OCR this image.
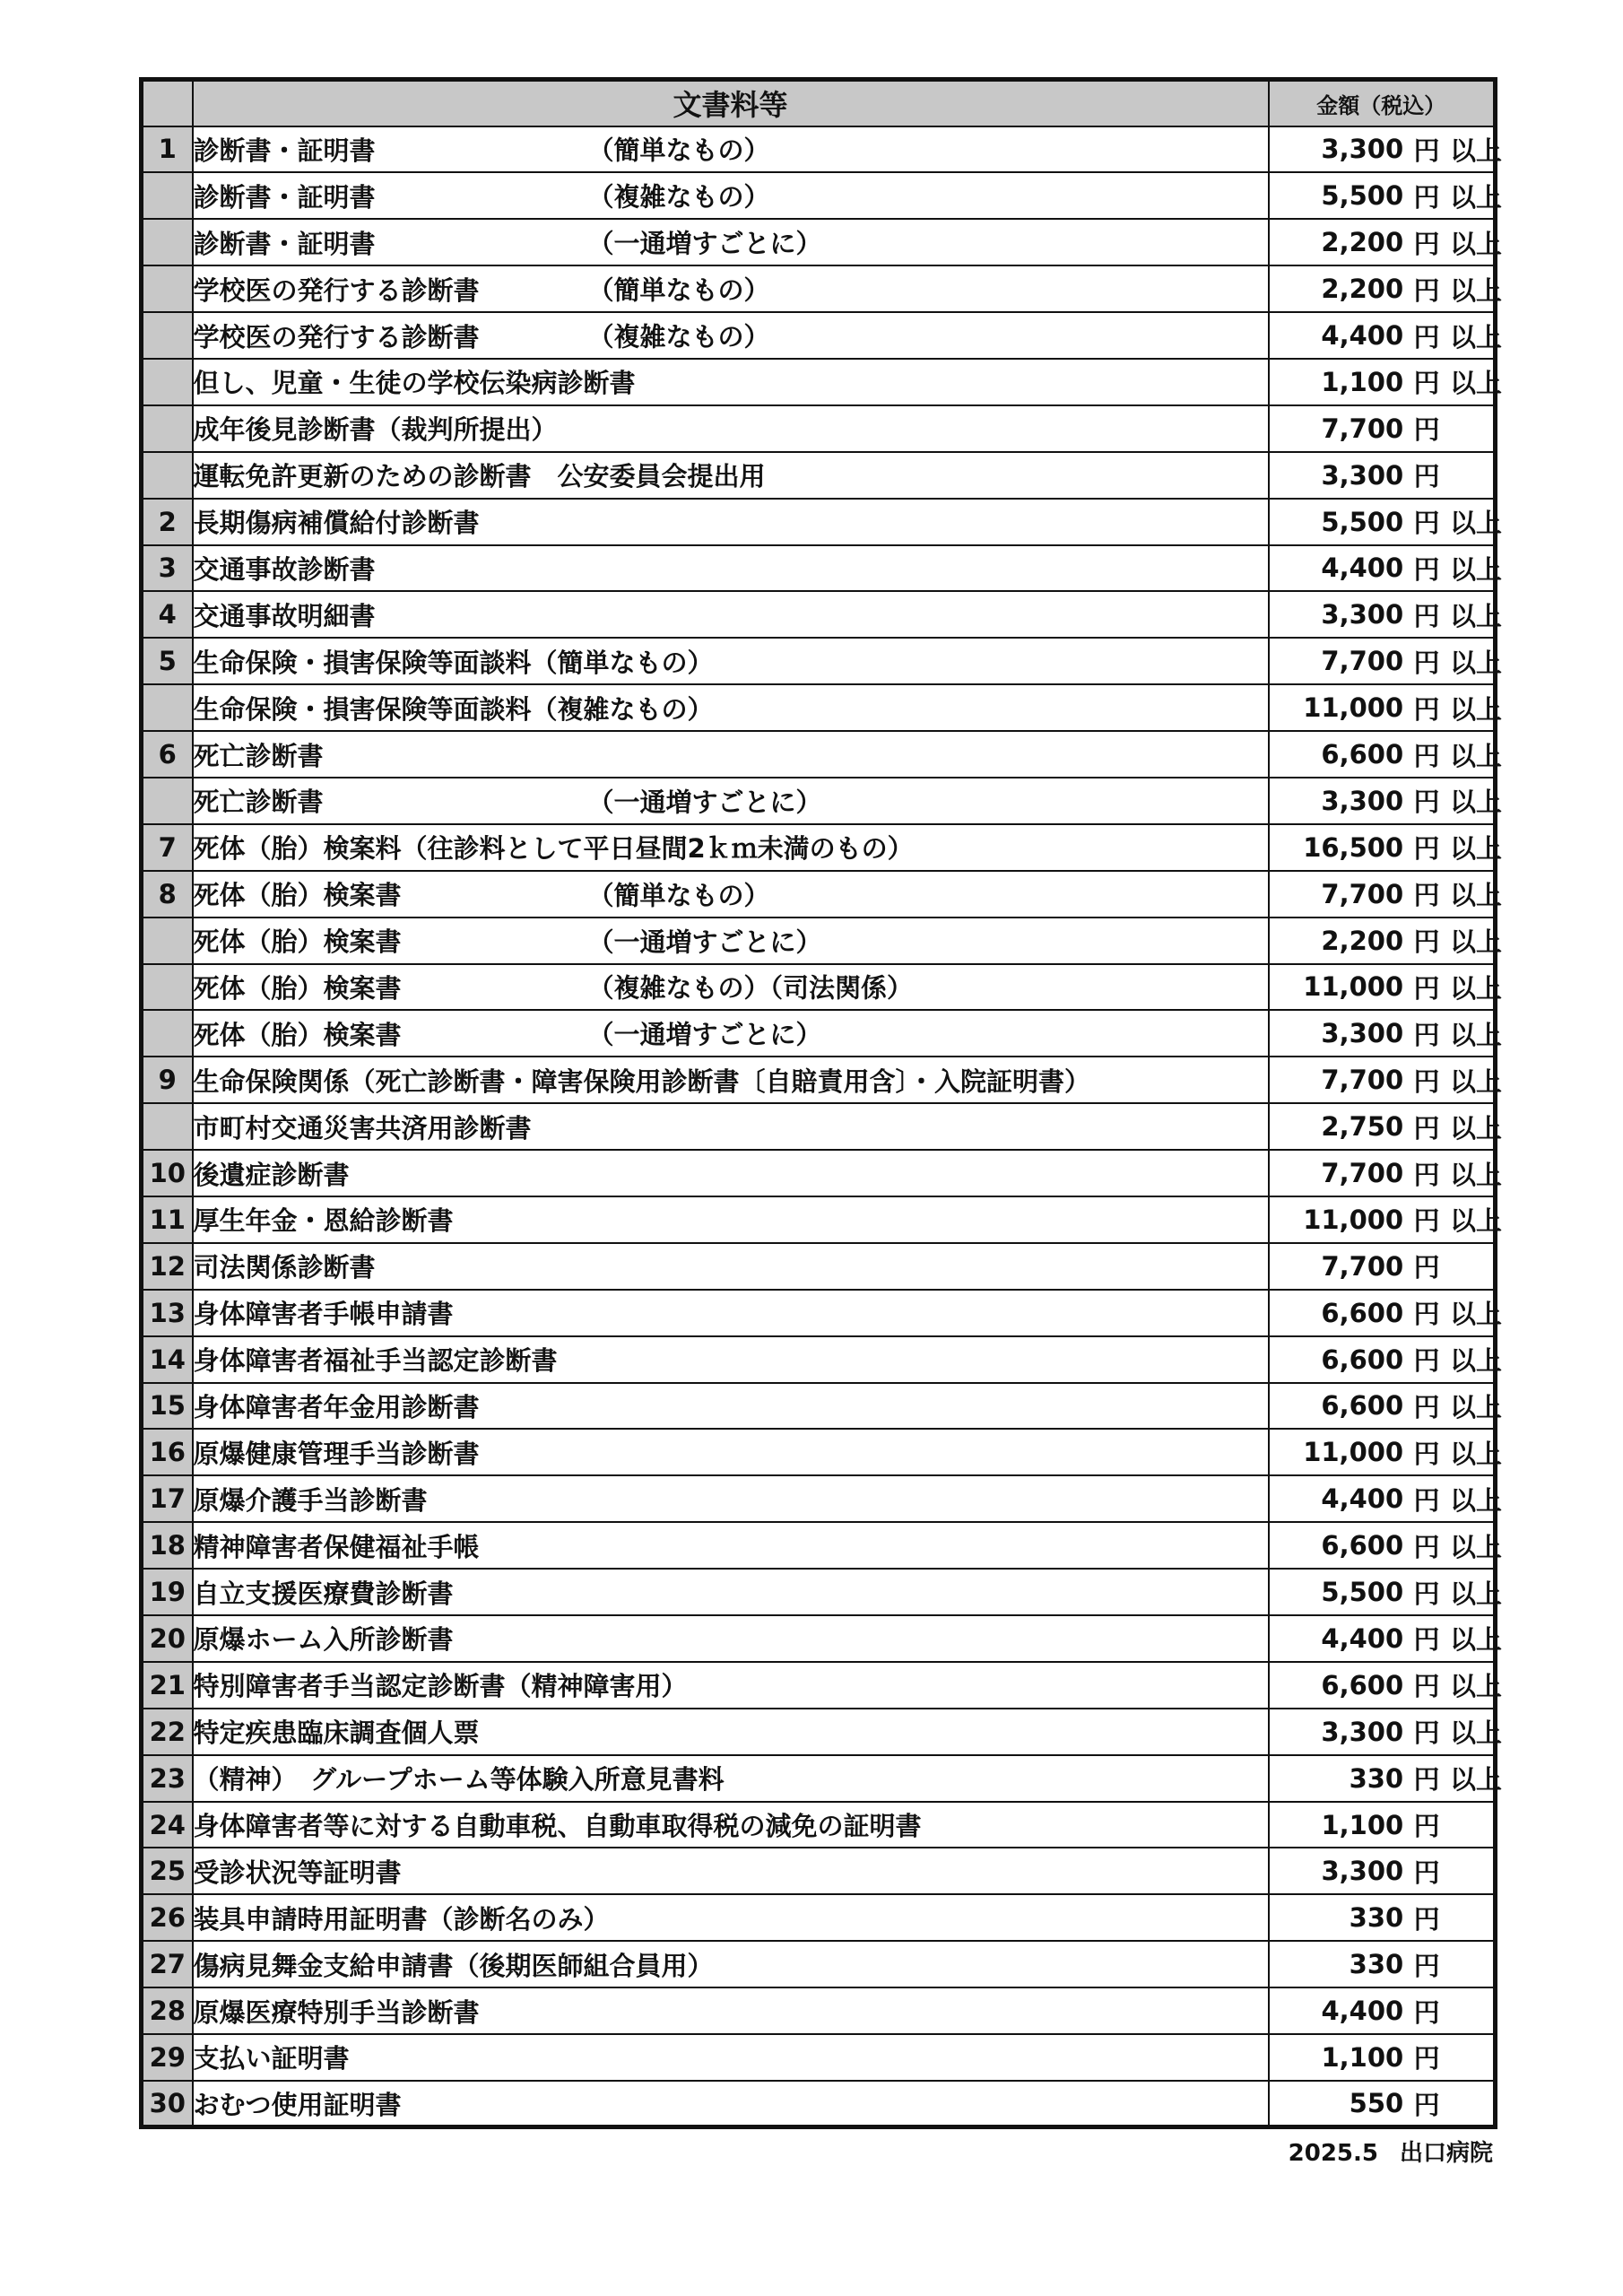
	文書料等	金額（税込）
1	診断書・証明書 （簡単なもの）	3,300 円 以上

	診断書・証明書 （複雑なもの）	5,500 円 以上

	診断書・証明書 （一通増すごとに）	2,200 円 以上

	学校医の発行する診断書 （簡単なもの）	2,200 円 以上

	学校医の発行する診断書 （複雑なもの）	4,400 円 以上

	但し、児童・生徒の学校伝染病診断書	1,100 円 以上

	成年後見診断書（裁判所提出）	7,700 円

	運転免許更新のための診断書　公安委員会提出用	3,300 円

2	長期傷病補償給付診断書	5,500 円 以上

3	交通事故診断書	4,400 円 以上

4	交通事故明細書	3,300 円 以上

5	生命保険・損害保険等面談料（簡単なもの）	7,700 円 以上

	生命保険・損害保険等面談料（複雑なもの）	11,000 円 以上

6	死亡診断書	6,600 円 以上

	死亡診断書 （一通増すごとに）	3,300 円 以上

7	死体（胎）検案料（往診料として平日昼間2ｋｍ未満のもの）	16,500 円 以上

8	死体（胎）検案書 （簡単なもの）	7,700 円 以上

	死体（胎）検案書 （一通増すごとに）	2,200 円 以上

	死体（胎）検案書 （複雑なもの）（司法関係）	11,000 円 以上

	死体（胎）検案書 （一通増すごとに）	3,300 円 以上

9	生命保険関係（死亡診断書・障害保険用診断書〔自賠責用含〕・入院証明書）	7,700 円 以上

	市町村交通災害共済用診断書	2,750 円 以上

10	後遺症診断書	7,700 円 以上

11	厚生年金・恩給診断書	11,000 円 以上

12	司法関係診断書	7,700 円

13	身体障害者手帳申請書	6,600 円 以上

14	身体障害者福祉手当認定診断書	6,600 円 以上

15	身体障害者年金用診断書	6,600 円 以上

16	原爆健康管理手当診断書	11,000 円 以上

17	原爆介護手当診断書	4,400 円 以上

18	精神障害者保健福祉手帳	6,600 円 以上

19	自立支援医療費診断書	5,500 円 以上

20	原爆ホーム入所診断書	4,400 円 以上

21	特別障害者手当認定診断書（精神障害用）	6,600 円 以上

22	特定疾患臨床調査個人票	3,300 円 以上

23	（精神）　グループホーム等体験入所意見書料	330 円 以上

24	身体障害者等に対する自動車税、自動車取得税の減免の証明書	1,100 円

25	受診状況等証明書	3,300 円

26	装具申請時用証明書（診断名のみ）	330 円

27	傷病見舞金支給申請書（後期医師組合員用）	330 円

28	原爆医療特別手当診断書	4,400 円

29	支払い証明書	1,100 円

30	おむつ使用証明書	550 円
2025.5 出口病院
